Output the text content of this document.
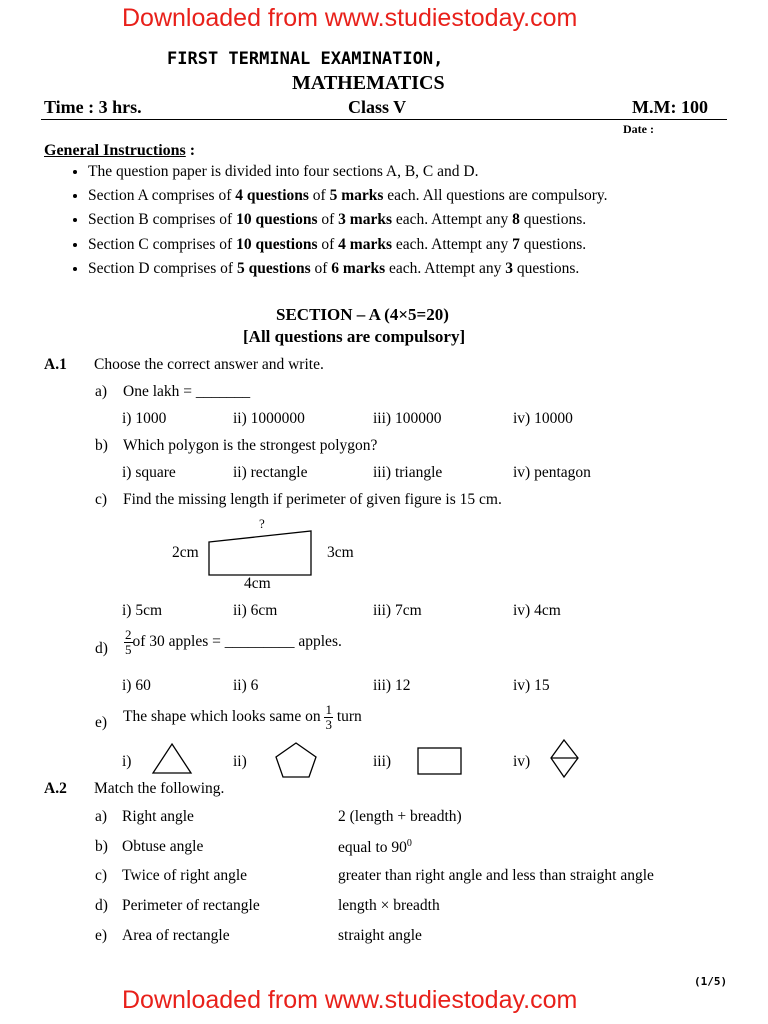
Downloaded from www.studiestoday.com
FIRST TERMINAL EXAMINATION,
MATHEMATICS
Time : 3 hrs.	Class V	M.M: 100
Date :
General Instructions :
• The question paper is divided into four sections A, B, C and D.
• Section A comprises of 4 questions of 5 marks each. All questions are compulsory.
• Section B comprises of 10 questions of 3 marks each. Attempt any 8 questions.
• Section C comprises of 10 questions of 4 marks each. Attempt any 7 questions.
• Section D comprises of 5 questions of 6 marks each. Attempt any 3 questions.
SECTION – A (4×5=20)
[All questions are compulsory]
A.1 Choose the correct answer and write.
a) One lakh = _______
i) 1000	ii) 1000000	iii) 100000	iv) 10000
b) Which polygon is the strongest polygon?
i) square	ii) rectangle	iii) triangle	iv) pentagon
c) Find the missing length if perimeter of given figure is 15 cm.
?
2cm	3cm
4cm
i) 5cm	ii) 6cm	iii) 7cm	iv) 4cm
$d) \frac{2}{5}$ of 30 apples = _________ apples.
i) 60	ii) 6	iii) 12	iv) 15
e) The shape which looks same on $\frac{1}{3}$ turn
i)	ii)	iii)	iv)
A.2 Match the following.
a) Right angle	2 (length + breadth)
b) Obtuse angle	equal to $90^0$
c) Twice of right angle	greater than right angle and less than straight angle
d) Perimeter of rectangle	length × breadth
e) Area of rectangle	straight angle
(1/5)
Downloaded from www.studiestoday.com
